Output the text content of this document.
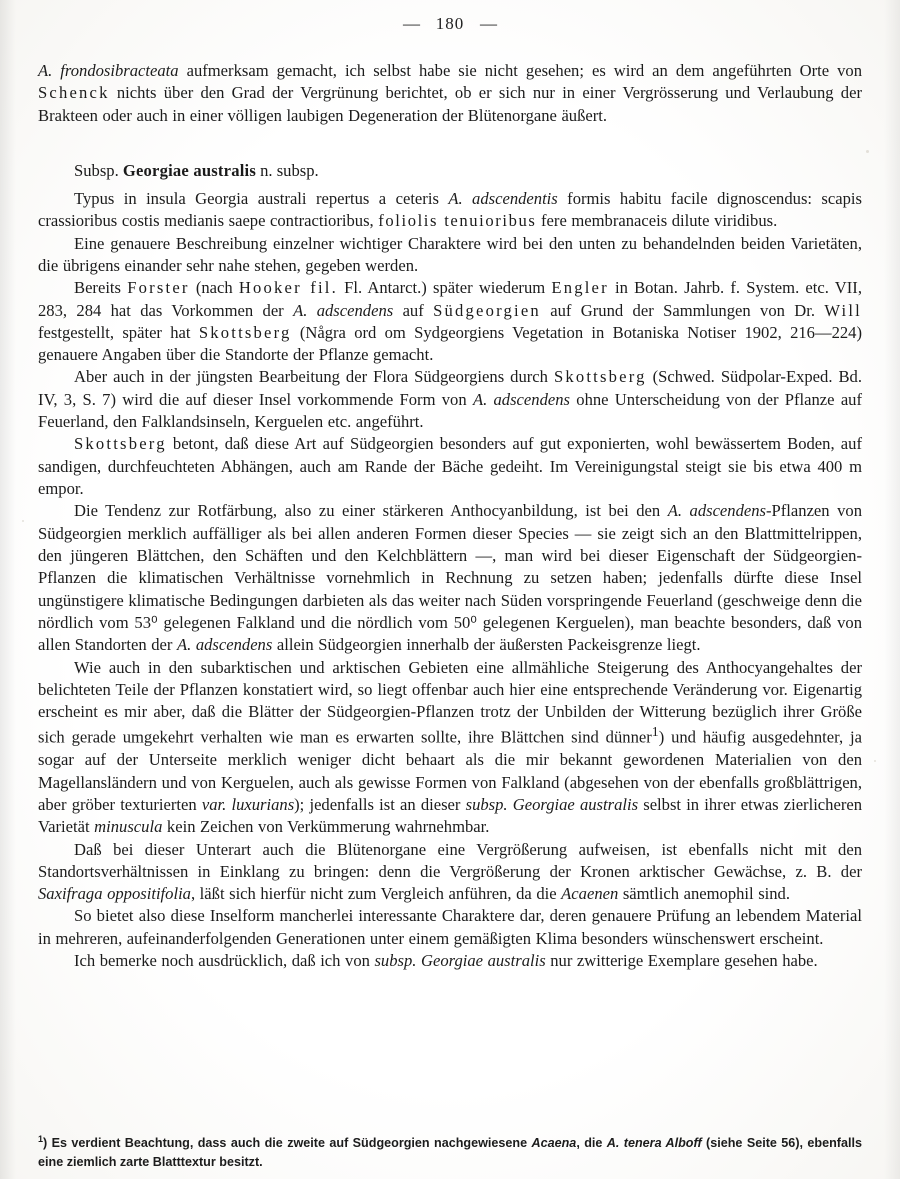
— 180 —

A. frondosibracteata aufmerksam gemacht, ich selbst habe sie nicht gesehen; es wird an dem angeführten Orte von Schenck nichts über den Grad der Vergrünung berichtet, ob er sich nur in einer Vergrösserung und Verlaubung der Brakteen oder auch in einer völligen laubigen Degeneration der Blütenorgane äußert.

Subsp. Georgiae australis n. subsp.

Typus in insula Georgia australi repertus a ceteris A. adscendentis formis habitu facile dignoscendus: scapis crassioribus costis medianis saepe contractioribus, foliolis tenuioribus fere membranaceis dilute viridibus.

Eine genauere Beschreibung einzelner wichtiger Charaktere wird bei den unten zu behandelnden beiden Varietäten, die übrigens einander sehr nahe stehen, gegeben werden.

Bereits Forster (nach Hooker fil. Fl. Antarct.) später wiederum Engler in Botan. Jahrb. f. System. etc. VII, 283, 284 hat das Vorkommen der A. adscendens auf Südgeorgien auf Grund der Sammlungen von Dr. Will festgestellt, später hat Skottsberg (Några ord om Sydgeorgiens Vegetation in Botaniska Notiser 1902, 216—224) genauere Angaben über die Standorte der Pflanze gemacht.

Aber auch in der jüngsten Bearbeitung der Flora Südgeorgiens durch Skottsberg (Schwed. Südpolar-Exped. Bd. IV, 3, S. 7) wird die auf dieser Insel vorkommende Form von A. adscendens ohne Unterscheidung von der Pflanze auf Feuerland, den Falklandsinseln, Kerguelen etc. angeführt.

Skottsberg betont, daß diese Art auf Südgeorgien besonders auf gut exponierten, wohl bewässertem Boden, auf sandigen, durchfeuchteten Abhängen, auch am Rande der Bäche gedeiht. Im Vereinigungstal steigt sie bis etwa 400 m empor.

Die Tendenz zur Rotfärbung, also zu einer stärkeren Anthocyanbildung, ist bei den A. adscendens-Pflanzen von Südgeorgien merklich auffälliger als bei allen anderen Formen dieser Species — sie zeigt sich an den Blattmittelrippen, den jüngeren Blättchen, den Schäften und den Kelchblättern —, man wird bei dieser Eigenschaft der Südgeorgien-Pflanzen die klimatischen Verhältnisse vornehmlich in Rechnung zu setzen haben; jedenfalls dürfte diese Insel ungünstigere klimatische Bedingungen darbieten als das weiter nach Süden vorspringende Feuerland (geschweige denn die nördlich vom 53⁰ gelegenen Falkland und die nördlich vom 50⁰ gelegenen Kerguelen), man beachte besonders, daß von allen Standorten der A. adscendens allein Südgeorgien innerhalb der äußersten Packeisgrenze liegt.

Wie auch in den subarktischen und arktischen Gebieten eine allmähliche Steigerung des Anthocyangehaltes der belichteten Teile der Pflanzen konstatiert wird, so liegt offenbar auch hier eine entsprechende Veränderung vor. Eigenartig erscheint es mir aber, daß die Blätter der Südgeorgien-Pflanzen trotz der Unbilden der Witterung bezüglich ihrer Größe sich gerade umgekehrt verhalten wie man es erwarten sollte, ihre Blättchen sind dünner$^1$) und häufig ausgedehnter, ja sogar auf der Unterseite merklich weniger dicht behaart als die mir bekannt gewordenen Materialien von den Magellansländern und von Kerguelen, auch als gewisse Formen von Falkland (abgesehen von der ebenfalls großblättrigen, aber gröber texturierten var. luxurians); jedenfalls ist an dieser subsp. Georgiae australis selbst in ihrer etwas zierlicheren Varietät minuscula kein Zeichen von Verkümmerung wahrnehmbar.

Daß bei dieser Unterart auch die Blütenorgane eine Vergrößerung aufweisen, ist ebenfalls nicht mit den Standortsverhältnissen in Einklang zu bringen: denn die Vergrößerung der Kronen arktischer Gewächse, z. B. der Saxifraga oppositifolia, läßt sich hierfür nicht zum Vergleich anführen, da die Acaenen sämtlich anemophil sind.

So bietet also diese Inselform mancherlei interessante Charaktere dar, deren genauere Prüfung an lebendem Material in mehreren, aufeinanderfolgenden Generationen unter einem gemäßigten Klima besonders wünschenswert erscheint.

Ich bemerke noch ausdrücklich, daß ich von subsp. Georgiae australis nur zwitterige Exemplare gesehen habe.

$^1$) Es verdient Beachtung, dass auch die zweite auf Südgeorgien nachgewiesene Acaena, die A. tenera Alboff (siehe Seite 56), ebenfalls eine ziemlich zarte Blatttextur besitzt.
